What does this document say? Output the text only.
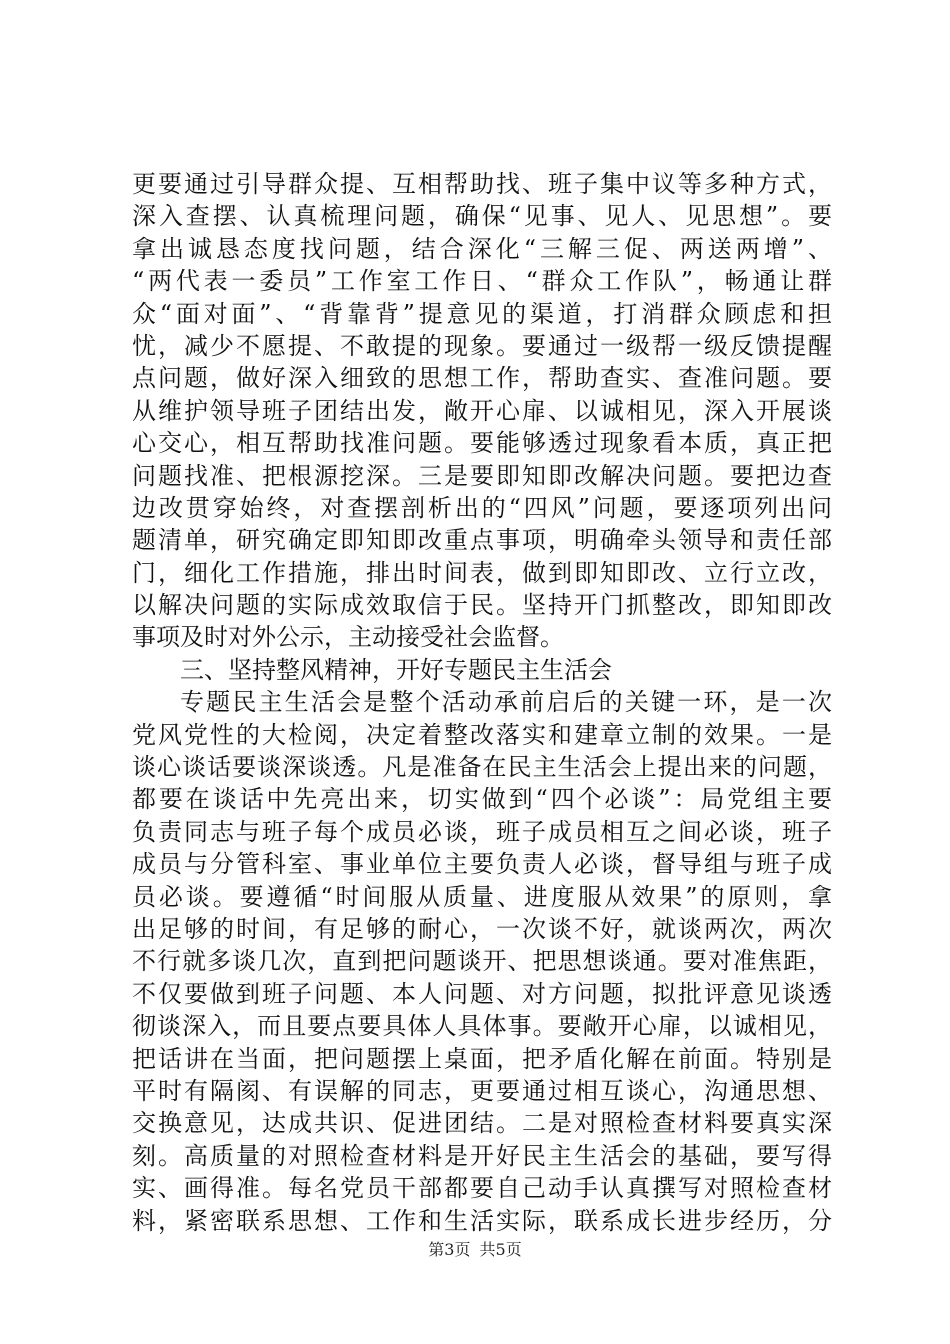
更要通过引导群众提、互相帮助找、班子集中议等多种方式，
深入查摆、认真梳理问题，确保“见事、见人、见思想”。要
拿出诚恳态度找问题，结合深化“三解三促、两送两增”、
“两代表一委员”工作室工作日、“群众工作队”，畅通让群
众“面对面”、“背靠背”提意见的渠道，打消群众顾虑和担
忧，减少不愿提、不敢提的现象。要通过一级帮一级反馈提醒
点问题，做好深入细致的思想工作，帮助查实、查准问题。要
从维护领导班子团结出发，敞开心扉、以诚相见，深入开展谈
心交心，相互帮助找准问题。要能够透过现象看本质，真正把
问题找准、把根源挖深。三是要即知即改解决问题。要把边查
边改贯穿始终，对查摆剖析出的“四风”问题，要逐项列出问
题清单，研究确定即知即改重点事项，明确牵头领导和责任部
门，细化工作措施，排出时间表，做到即知即改、立行立改，
以解决问题的实际成效取信于民。坚持开门抓整改，即知即改
事项及时对外公示，主动接受社会监督。
三、坚持整风精神，开好专题民主生活会
专题民主生活会是整个活动承前启后的关键一环，是一次
党风党性的大检阅，决定着整改落实和建章立制的效果。一是
谈心谈话要谈深谈透。凡是准备在民主生活会上提出来的问题，
都要在谈话中先亮出来，切实做到“四个必谈”：局党组主要
负责同志与班子每个成员必谈，班子成员相互之间必谈，班子
成员与分管科室、事业单位主要负责人必谈，督导组与班子成
员必谈。要遵循“时间服从质量、进度服从效果”的原则，拿
出足够的时间，有足够的耐心，一次谈不好，就谈两次，两次
不行就多谈几次，直到把问题谈开、把思想谈通。要对准焦距，
不仅要做到班子问题、本人问题、对方问题，拟批评意见谈透
彻谈深入，而且要点要具体人具体事。要敞开心扉，以诚相见，
把话讲在当面，把问题摆上桌面，把矛盾化解在前面。特别是
平时有隔阂、有误解的同志，更要通过相互谈心，沟通思想、
交换意见，达成共识、促进团结。二是对照检查材料要真实深
刻。高质量的对照检查材料是开好民主生活会的基础，要写得
实、画得准。每名党员干部都要自己动手认真撰写对照检查材
料，紧密联系思想、工作和生活实际，联系成长进步经历，分
第3页 共5页
